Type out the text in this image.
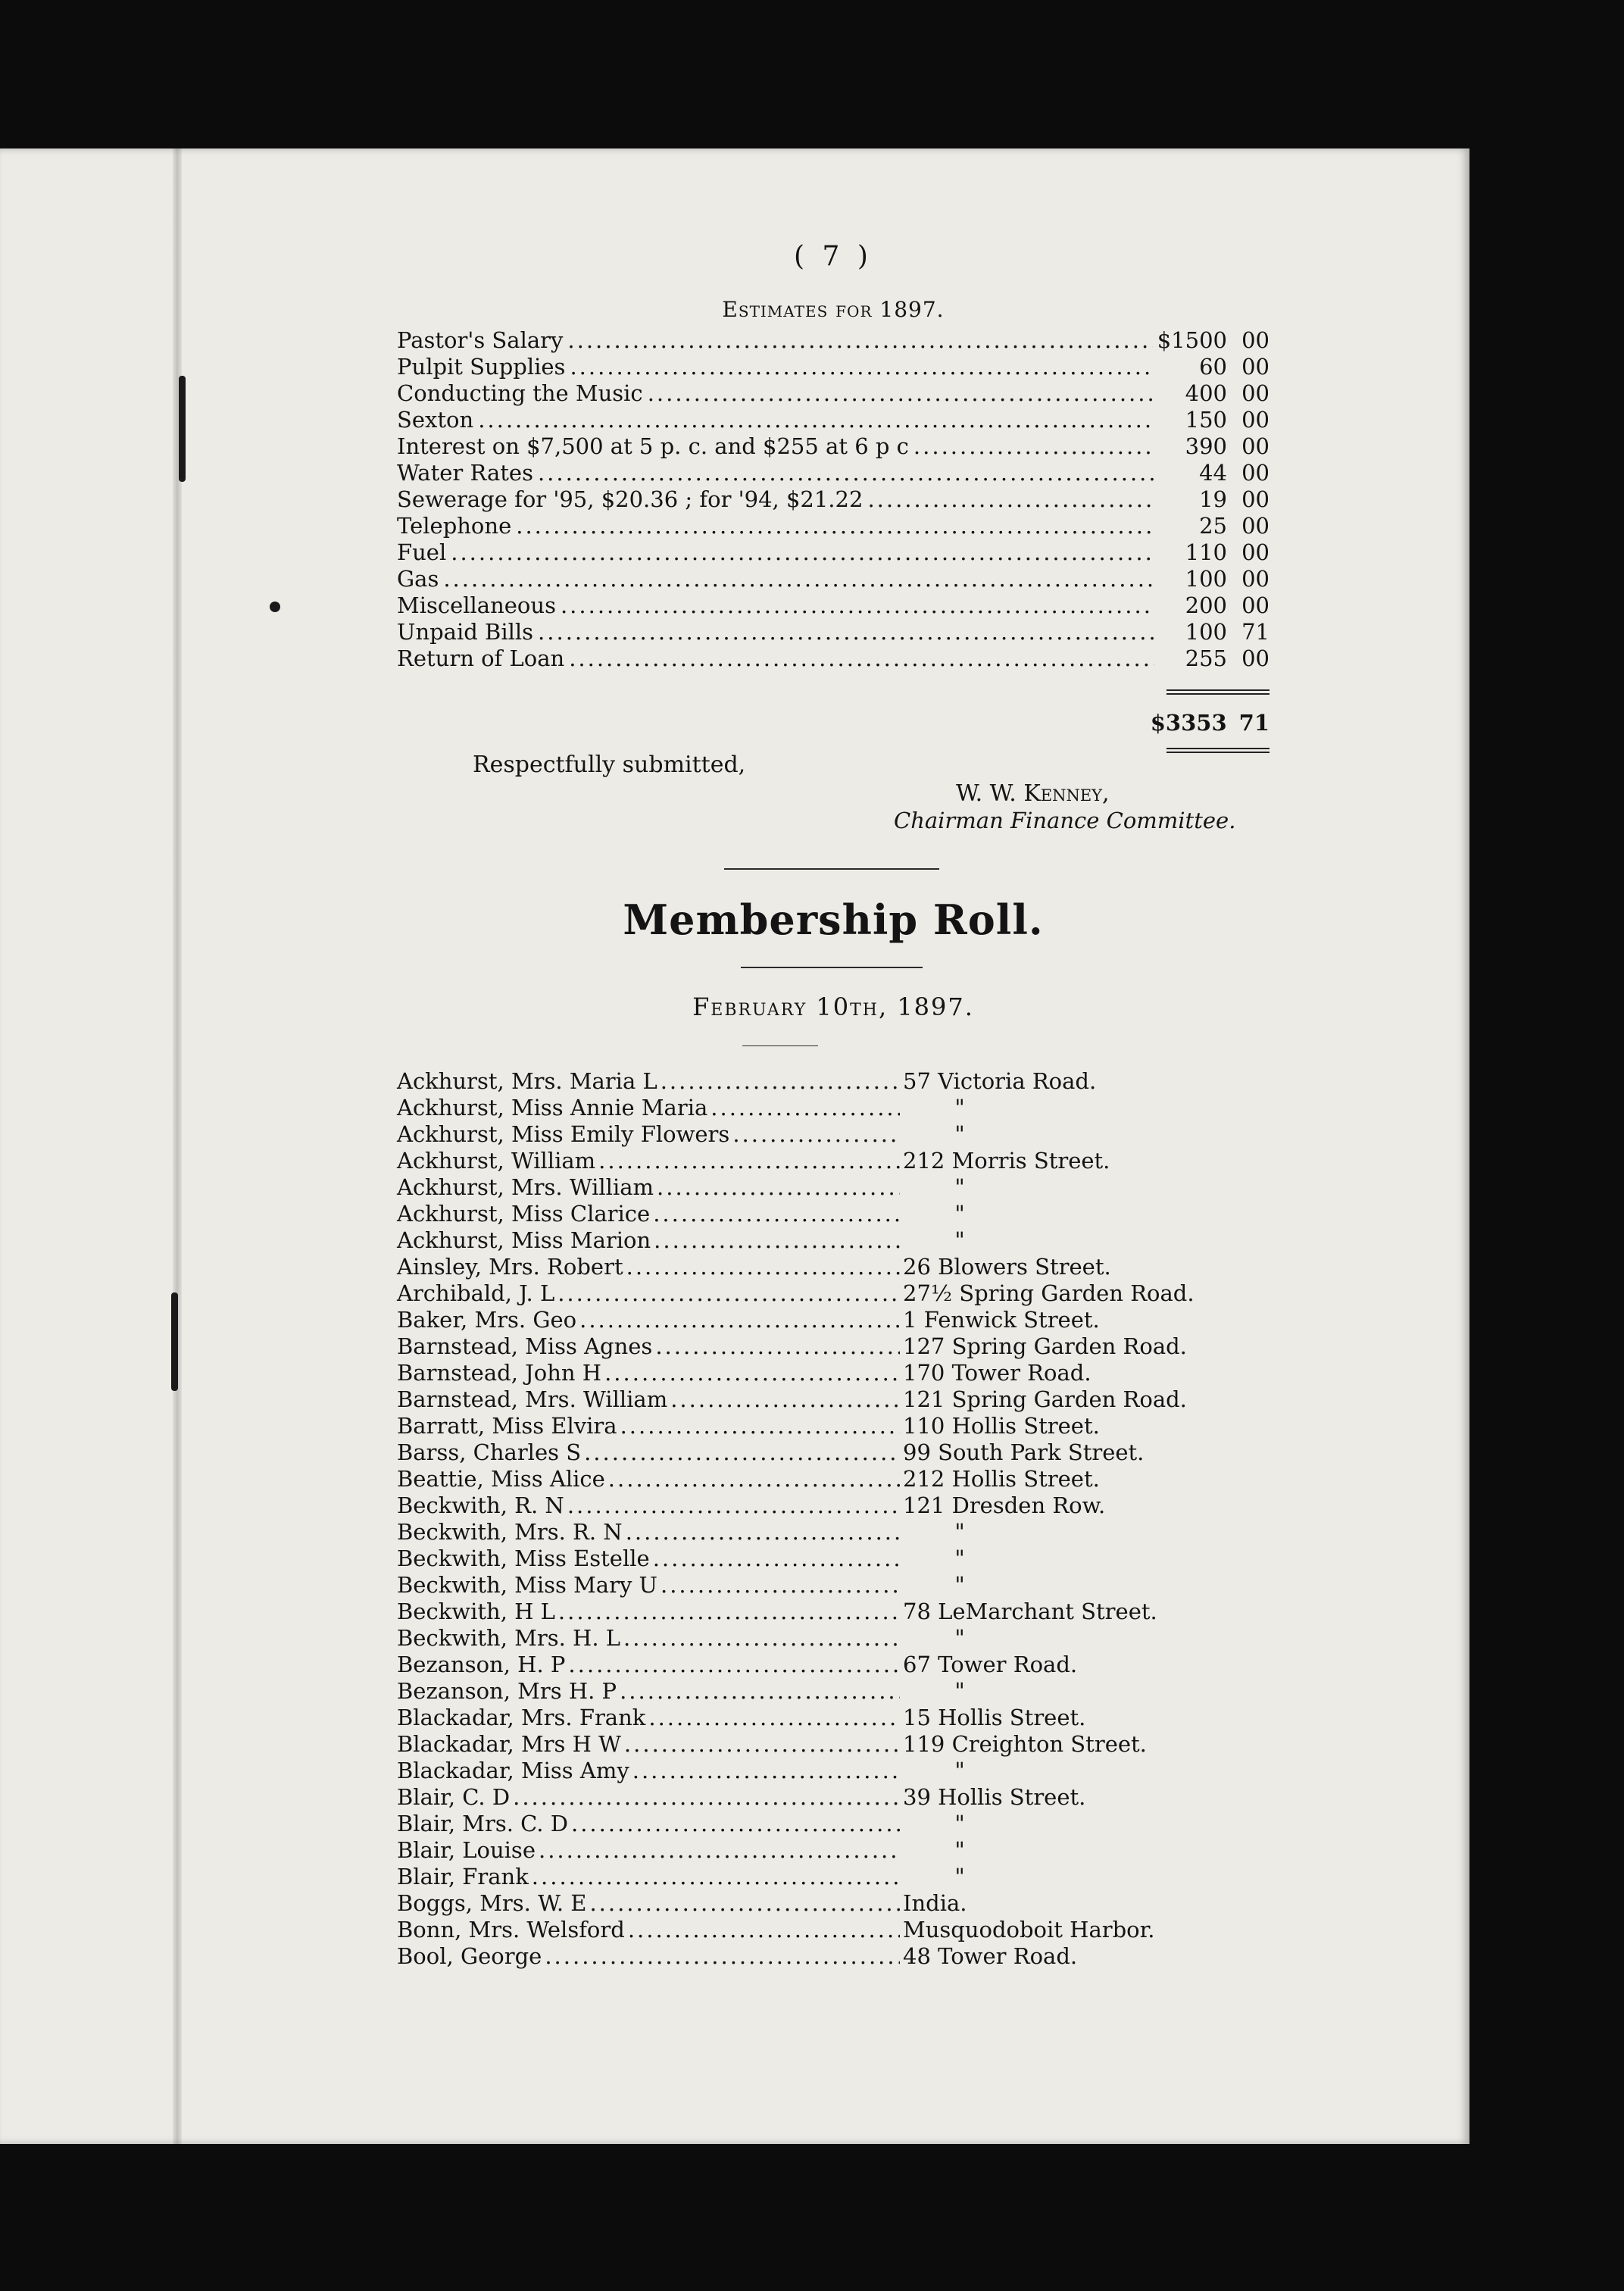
( 7 )
Estimates for 1897.
Pastor's Salary .....	$1500 00
Pulpit Supplies .....	60 00
Conducting the Music .....	400 00
Sexton .....	150 00
Interest on $7,500 at 5 p. c. and $255 at 6 p c .....	390 00
Water Rates .....	44 00
Sewerage for '95, $20.36 ; for '94, $21.22 .....	19 00
Telephone .....	25 00
Fuel .....	110 00
Gas .....	100 00
Miscellaneous .....	200 00
Unpaid Bills .....	100 71
Return of Loan .....	255 00
$3353 71
Respectfully submitted,
W. W. Kenney,
Chairman Finance Committee.
Membership Roll.
February 10th, 1897.
Ackhurst, Mrs. Maria L .....	57 Victoria Road.
Ackhurst, Miss Annie Maria .....	"
Ackhurst, Miss Emily Flowers .....	"
Ackhurst, William .....	212 Morris Street.
Ackhurst, Mrs. William .....	"
Ackhurst, Miss Clarice .....	"
Ackhurst, Miss Marion .....	"
Ainsley, Mrs. Robert .....	26 Blowers Street.
Archibald, J. L .....	27½ Spring Garden Road.
Baker, Mrs. Geo .....	1 Fenwick Street.
Barnstead, Miss Agnes .....	127 Spring Garden Road.
Barnstead, John H .....	170 Tower Road.
Barnstead, Mrs. William .....	121 Spring Garden Road.
Barratt, Miss Elvira .....	110 Hollis Street.
Barss, Charles S .....	99 South Park Street.
Beattie, Miss Alice .....	212 Hollis Street.
Beckwith, R. N .....	121 Dresden Row.
Beckwith, Mrs. R. N .....	"
Beckwith, Miss Estelle .....	"
Beckwith, Miss Mary U .....	"
Beckwith, H L .....	78 LeMarchant Street.
Beckwith, Mrs. H. L .....	"
Bezanson, H. P .....	67 Tower Road.
Bezanson, Mrs H. P .....	"
Blackadar, Mrs. Frank .....	15 Hollis Street.
Blackadar, Mrs H W .....	119 Creighton Street.
Blackadar, Miss Amy .....	"
Blair, C. D .....	39 Hollis Street.
Blair, Mrs. C. D .....	"
Blair, Louise .....	"
Blair, Frank .....	"
Boggs, Mrs. W. E .....	India.
Bonn, Mrs. Welsford .....	Musquodoboit Harbor.
Bool, George .....	48 Tower Road.
